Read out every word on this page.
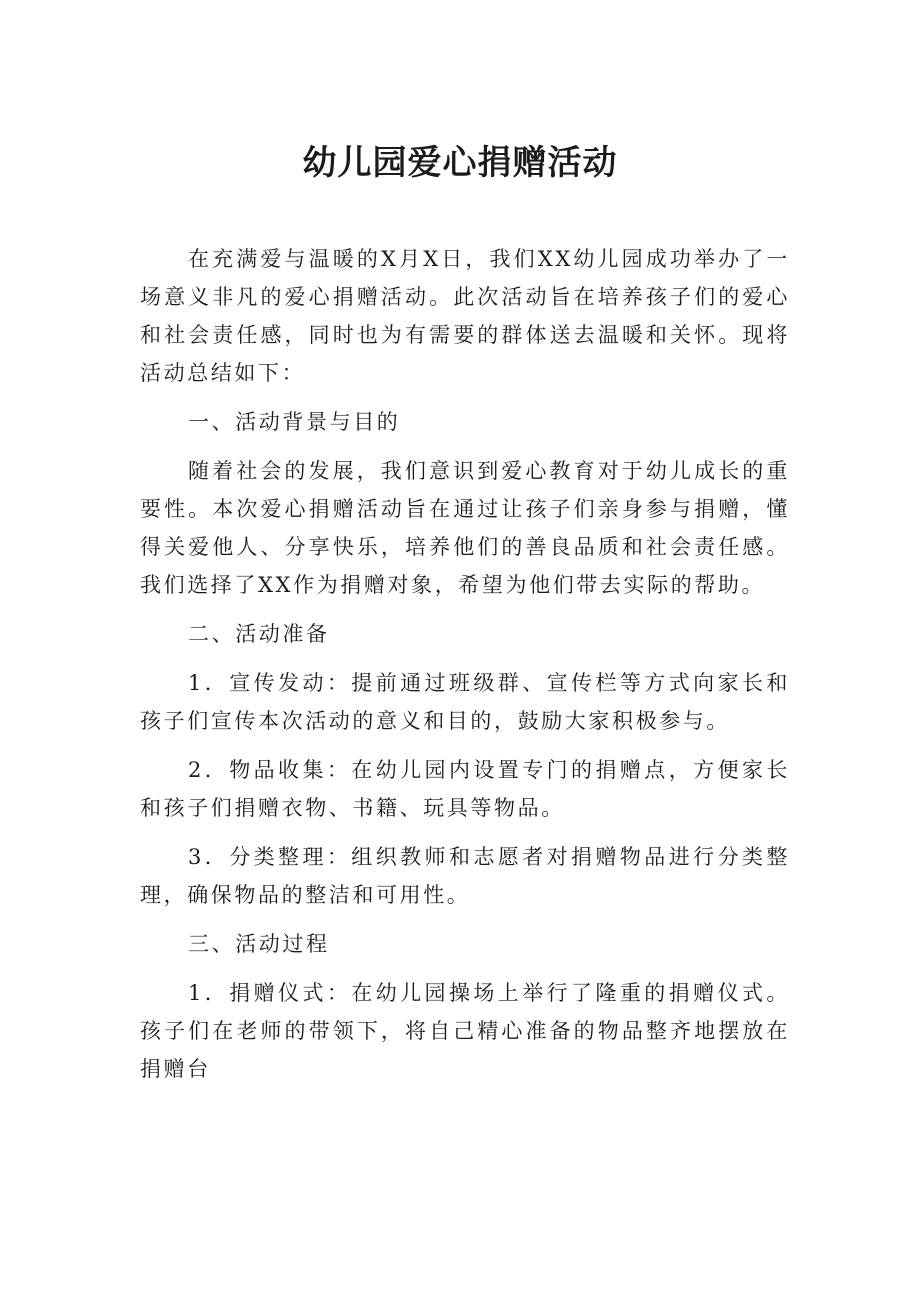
幼儿园爱心捐赠活动

在充满爱与温暖的X月X日，我们XX幼儿园成功举办了一场意义非凡的爱心捐赠活动。此次活动旨在培养孩子们的爱心和社会责任感，同时也为有需要的群体送去温暖和关怀。现将活动总结如下：

一、活动背景与目的

随着社会的发展，我们意识到爱心教育对于幼儿成长的重要性。本次爱心捐赠活动旨在通过让孩子们亲身参与捐赠，懂得关爱他人、分享快乐，培养他们的善良品质和社会责任感。我们选择了XX作为捐赠对象，希望为他们带去实际的帮助。

二、活动准备

1．宣传发动：提前通过班级群、宣传栏等方式向家长和孩子们宣传本次活动的意义和目的，鼓励大家积极参与。

2．物品收集：在幼儿园内设置专门的捐赠点，方便家长和孩子们捐赠衣物、书籍、玩具等物品。

3．分类整理：组织教师和志愿者对捐赠物品进行分类整理，确保物品的整洁和可用性。

三、活动过程

1．捐赠仪式：在幼儿园操场上举行了隆重的捐赠仪式。孩子们在老师的带领下，将自己精心准备的物品整齐地摆放在捐赠台
